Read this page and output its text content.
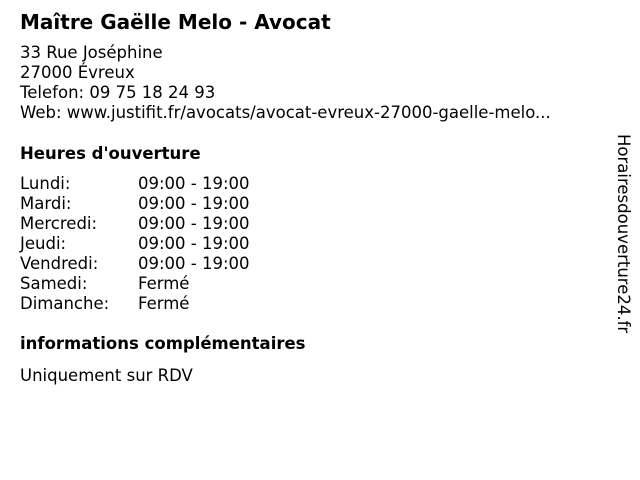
Maître Gaëlle Melo - Avocat
33 Rue Joséphine
27000 Évreux
Telefon: 09 75 18 24 93
Web: www.justifit.fr/avocats/avocat-evreux-27000-gaelle-melo...
Heures d'ouverture
Lundi:	09:00 - 19:00
Mardi:	09:00 - 19:00
Mercredi: 09:00 - 19:00
Jeudi:	09:00 - 19:00
Vendredi: 09:00 - 19:00
Samedi:	Fermé
Dimanche: Fermé
informations complémentaires
Uniquement sur RDV
Horairesdouverture24.fr
